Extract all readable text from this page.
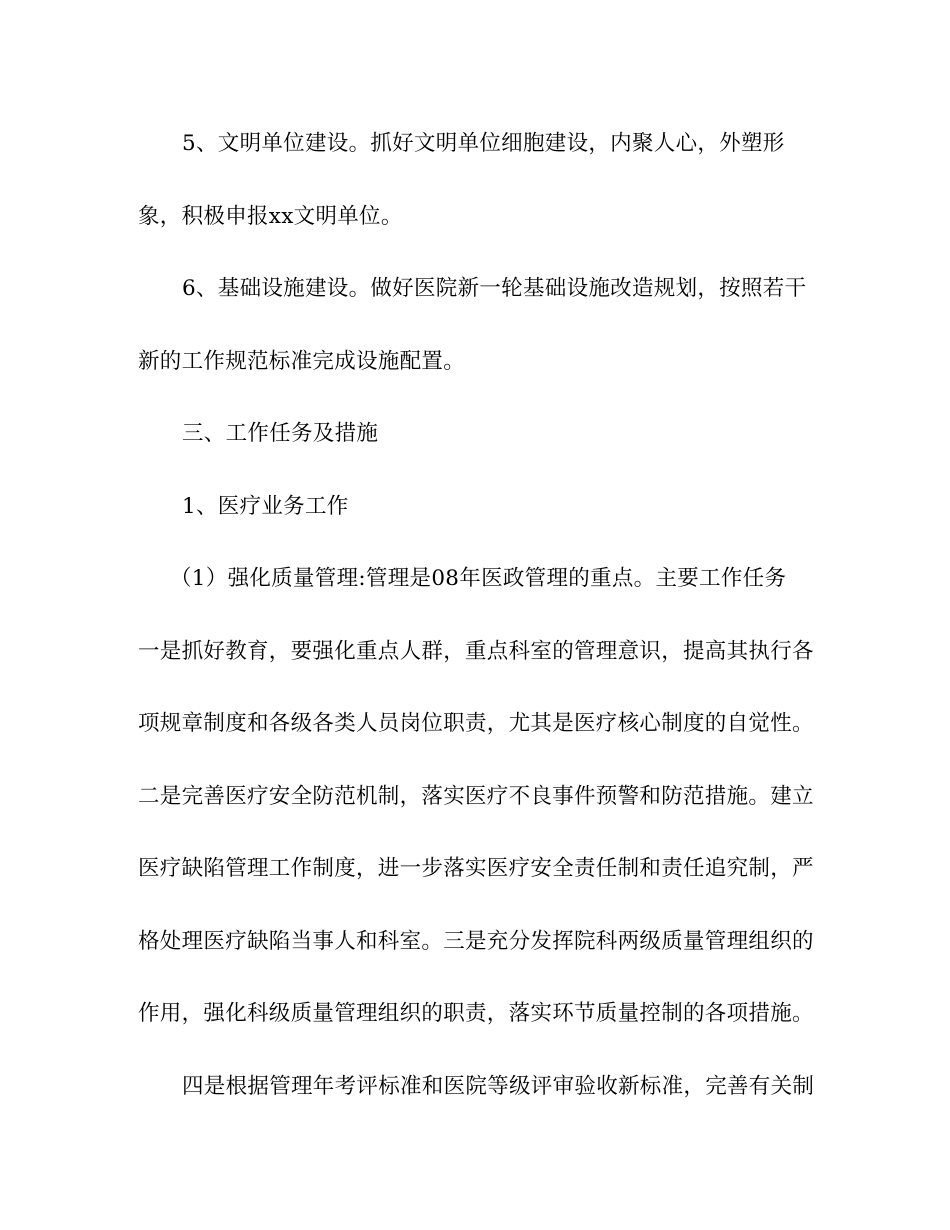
5、文明单位建设。抓好文明单位细胞建设，内聚人心，外塑形
象，积极申报xx文明单位。
6、基础设施建设。做好医院新一轮基础设施改造规划，按照若干
新的工作规范标准完成设施配置。
三、工作任务及措施
1、医疗业务工作
（1）强化质量管理:管理是08年医政管理的重点。主要工作任务
一是抓好教育，要强化重点人群，重点科室的管理意识，提高其执行各
项规章制度和各级各类人员岗位职责，尤其是医疗核心制度的自觉性。
二是完善医疗安全防范机制，落实医疗不良事件预警和防范措施。建立
医疗缺陷管理工作制度，进一步落实医疗安全责任制和责任追究制，严
格处理医疗缺陷当事人和科室。三是充分发挥院科两级质量管理组织的
作用，强化科级质量管理组织的职责，落实环节质量控制的各项措施。
四是根据管理年考评标准和医院等级评审验收新标准，完善有关制
